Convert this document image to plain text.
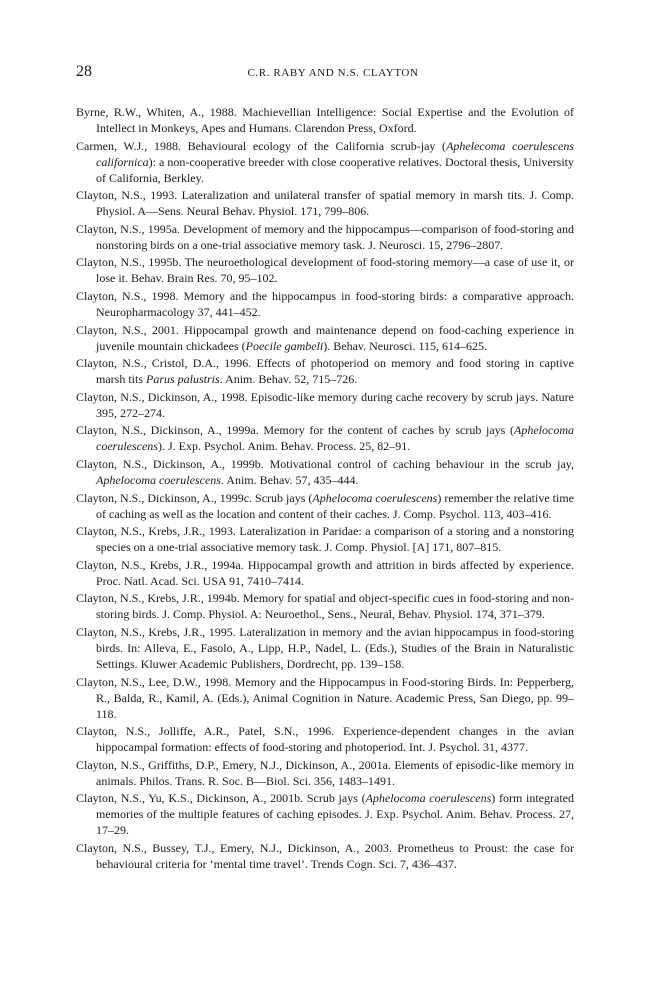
28	C.R. RABY AND N.S. CLAYTON
Byrne, R.W., Whiten, A., 1988. Machievellian Intelligence: Social Expertise and the Evolution of Intellect in Monkeys, Apes and Humans. Clarendon Press, Oxford.
Carmen, W.J., 1988. Behavioural ecology of the California scrub-jay (Aphelecoma coerulescens californica): a non-cooperative breeder with close cooperative relatives. Doctoral thesis, University of California, Berkley.
Clayton, N.S., 1993. Lateralization and unilateral transfer of spatial memory in marsh tits. J. Comp. Physiol. A—Sens. Neural Behav. Physiol. 171, 799–806.
Clayton, N.S., 1995a. Development of memory and the hippocampus—comparison of food-storing and nonstoring birds on a one-trial associative memory task. J. Neurosci. 15, 2796–2807.
Clayton, N.S., 1995b. The neuroethological development of food-storing memory—a case of use it, or lose it. Behav. Brain Res. 70, 95–102.
Clayton, N.S., 1998. Memory and the hippocampus in food-storing birds: a comparative approach. Neuropharmacology 37, 441–452.
Clayton, N.S., 2001. Hippocampal growth and maintenance depend on food-caching experience in juvenile mountain chickadees (Poecile gambeli). Behav. Neurosci. 115, 614–625.
Clayton, N.S., Cristol, D.A., 1996. Effects of photoperiod on memory and food storing in captive marsh tits Parus palustris. Anim. Behav. 52, 715–726.
Clayton, N.S., Dickinson, A., 1998. Episodic-like memory during cache recovery by scrub jays. Nature 395, 272–274.
Clayton, N.S., Dickinson, A., 1999a. Memory for the content of caches by scrub jays (Aphelocoma coerulescens). J. Exp. Psychol. Anim. Behav. Process. 25, 82–91.
Clayton, N.S., Dickinson, A., 1999b. Motivational control of caching behaviour in the scrub jay, Aphelocoma coerulescens. Anim. Behav. 57, 435–444.
Clayton, N.S., Dickinson, A., 1999c. Scrub jays (Aphelocoma coerulescens) remember the relative time of caching as well as the location and content of their caches. J. Comp. Psychol. 113, 403–416.
Clayton, N.S., Krebs, J.R., 1993. Lateralization in Paridae: a comparison of a storing and a nonstoring species on a one-trial associative memory task. J. Comp. Physiol. [A] 171, 807–815.
Clayton, N.S., Krebs, J.R., 1994a. Hippocampal growth and attrition in birds affected by experience. Proc. Natl. Acad. Sci. USA 91, 7410–7414.
Clayton, N.S., Krebs, J.R., 1994b. Memory for spatial and object-specific cues in food-storing and non-storing birds. J. Comp. Physiol. A: Neuroethol., Sens., Neural, Behav. Physiol. 174, 371–379.
Clayton, N.S., Krebs, J.R., 1995. Lateralization in memory and the avian hippocampus in food-storing birds. In: Alleva, E., Fasolo, A., Lipp, H.P., Nadel, L. (Eds.), Studies of the Brain in Naturalistic Settings. Kluwer Academic Publishers, Dordrecht, pp. 139–158.
Clayton, N.S., Lee, D.W., 1998. Memory and the Hippocampus in Food-storing Birds. In: Pepperberg, R., Balda, R., Kamil, A. (Eds.), Animal Cognition in Nature. Academic Press, San Diego, pp. 99–118.
Clayton, N.S., Jolliffe, A.R., Patel, S.N., 1996. Experience-dependent changes in the avian hippocampal formation: effects of food-storing and photoperiod. Int. J. Psychol. 31, 4377.
Clayton, N.S., Griffiths, D.P., Emery, N.J., Dickinson, A., 2001a. Elements of episodic-like memory in animals. Philos. Trans. R. Soc. B—Biol. Sci. 356, 1483–1491.
Clayton, N.S., Yu, K.S., Dickinson, A., 2001b. Scrub jays (Aphelocoma coerulescens) form integrated memories of the multiple features of caching episodes. J. Exp. Psychol. Anim. Behav. Process. 27, 17–29.
Clayton, N.S., Bussey, T.J., Emery, N.J., Dickinson, A., 2003. Prometheus to Proust: the case for behavioural criteria for ‘mental time travel’. Trends Cogn. Sci. 7, 436–437.
